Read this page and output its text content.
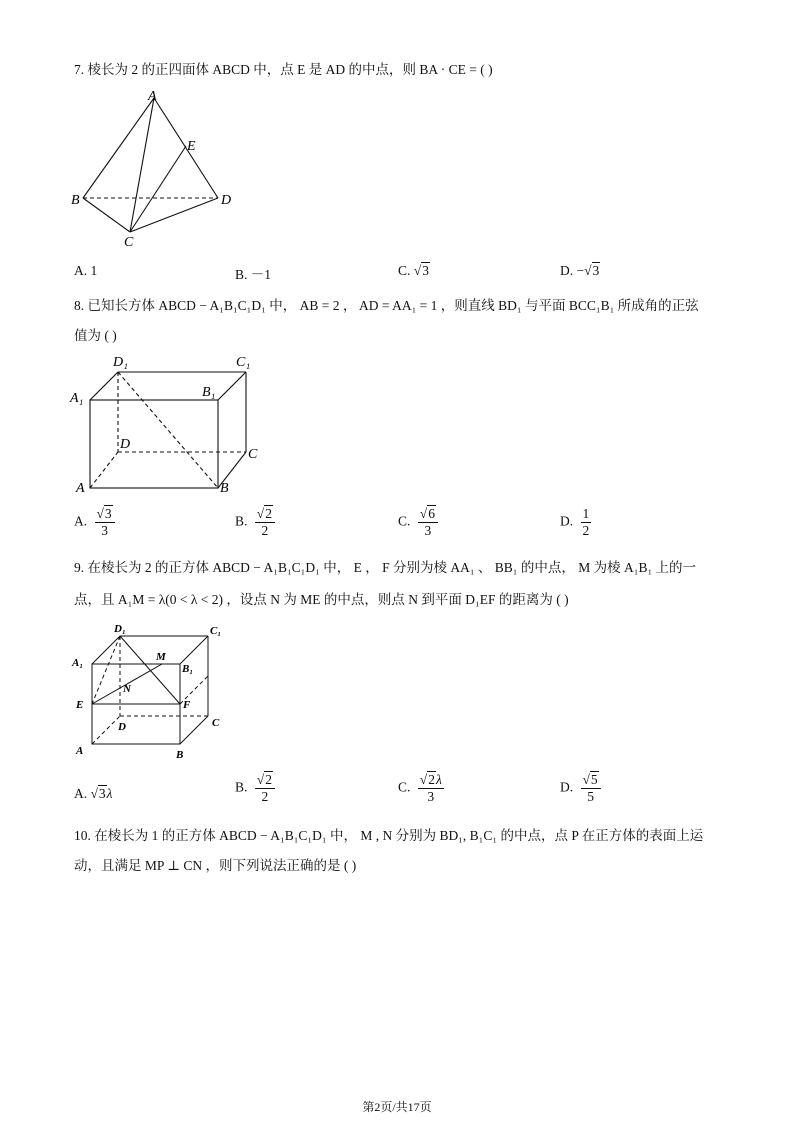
7. 棱长为 2 的正四面体 ABCD 中，点 E 是 AD 的中点，则 BA · CE = ( )
A
B
C
D
E
A. 1	B. －1	C. √3	D. −√3
8. 已知长方体 ABCD − A₁B₁C₁D₁ 中， AB = 2 ， AD = AA₁ = 1 ，则直线 BD₁ 与平面 BCC₁B₁ 所成角的正弦
值为 ( )
D₁	C₁
A₁	B₁
D
C
A	B
A. $\frac{√3}{3}$	B. $\frac{√2}{2}$	C. $\frac{√6}{3}$	D. $\frac{1}{2}$
9. 在棱长为 2 的正方体 ABCD − A₁B₁C₁D₁ 中， E ， F 分别为棱 AA₁ 、 BB₁ 的中点， M 为棱 A₁B₁ 上的一
点，且 A₁M = λ(0 < λ < 2) ，设点 N 为 ME 的中点，则点 N 到平面 D₁EF 的距离为 ( )
D₁	C₁
A₁	B₁
M
N
E	F
D	C
A	B
A. √3λ	B. $\frac{√2}{2}$	C. $\frac{√2\lambda}{3}$	D. $\frac{√5}{5}$
10. 在棱长为 1 的正方体 ABCD − A₁B₁C₁D₁ 中， M , N 分别为 BD₁, B₁C₁ 的中点，点 P 在正方体的表面上运
动，且满足 MP ⊥ CN ，则下列说法正确的是 ( )
第2页/共17页
